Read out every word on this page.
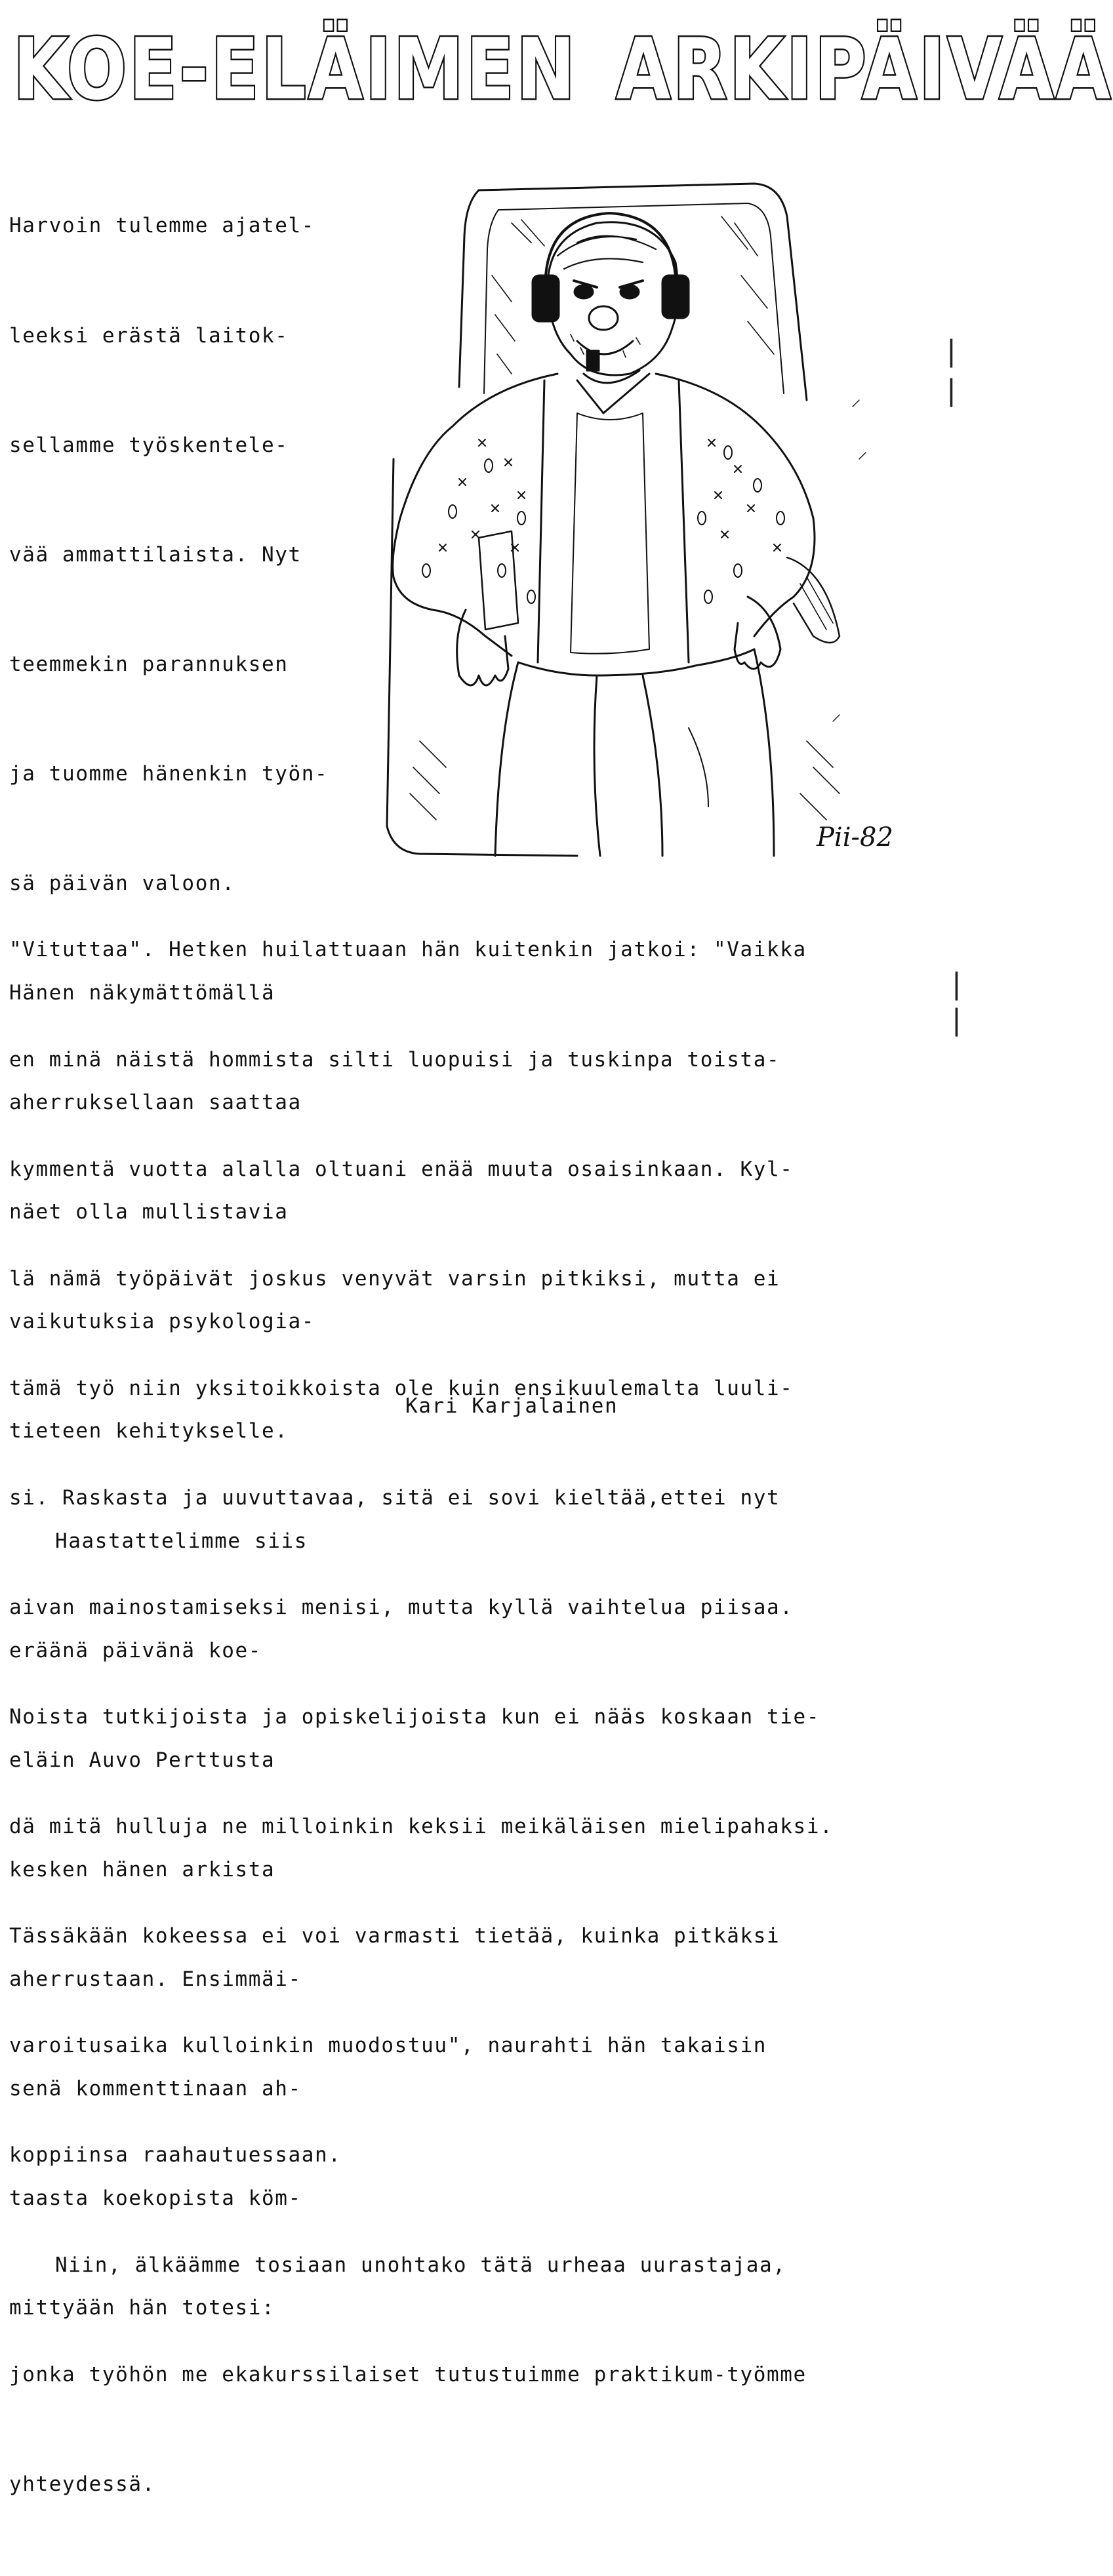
KOE-ELÄIMEN ARKIPÄIVÄÄ

Harvoin tulemme ajatel-

leeksi erästä laitok-

sellamme työskentele-

vää ammattilaista. Nyt

teemmekin parannuksen

ja tuomme hänenkin työn-

sä päivän valoon.

Hänen näkymättömällä

aherruksellaan saattaa

näet olla mullistavia

vaikutuksia psykologia-

tieteen kehitykselle.

Haastattelimme siis

eräänä päivänä koe-

eläin Auvo Perttusta

kesken hänen arkista

aherrustaan. Ensimmäi-

senä kommenttinaan ah-

taasta koekopista köm-

mittyään hän totesi:

Pii-82

"Vituttaa". Hetken huilattuaan hän kuitenkin jatkoi: "Vaikka

en minä näistä hommista silti luopuisi ja tuskinpa toista-

kymmentä vuotta alalla oltuani enää muuta osaisinkaan. Kyl-

lä nämä työpäivät joskus venyvät varsin pitkiksi, mutta ei

tämä työ niin yksitoikkoista ole kuin ensikuulemalta luuli-

si. Raskasta ja uuvuttavaa, sitä ei sovi kieltää,ettei nyt

aivan mainostamiseksi menisi, mutta kyllä vaihtelua piisaa.

Noista tutkijoista ja opiskelijoista kun ei nääs koskaan tie-

dä mitä hulluja ne milloinkin keksii meikäläisen mielipahaksi.

Tässäkään kokeessa ei voi varmasti tietää, kuinka pitkäksi

varoitusaika kulloinkin muodostuu", naurahti hän takaisin

koppiinsa raahautuessaan.

Niin, älkäämme tosiaan unohtako tätä urheaa uurastajaa,

jonka työhön me ekakurssilaiset tutustuimme praktikum-työmme

yhteydessä.

Kari Karjalainen
❘
❘
❘
❘
